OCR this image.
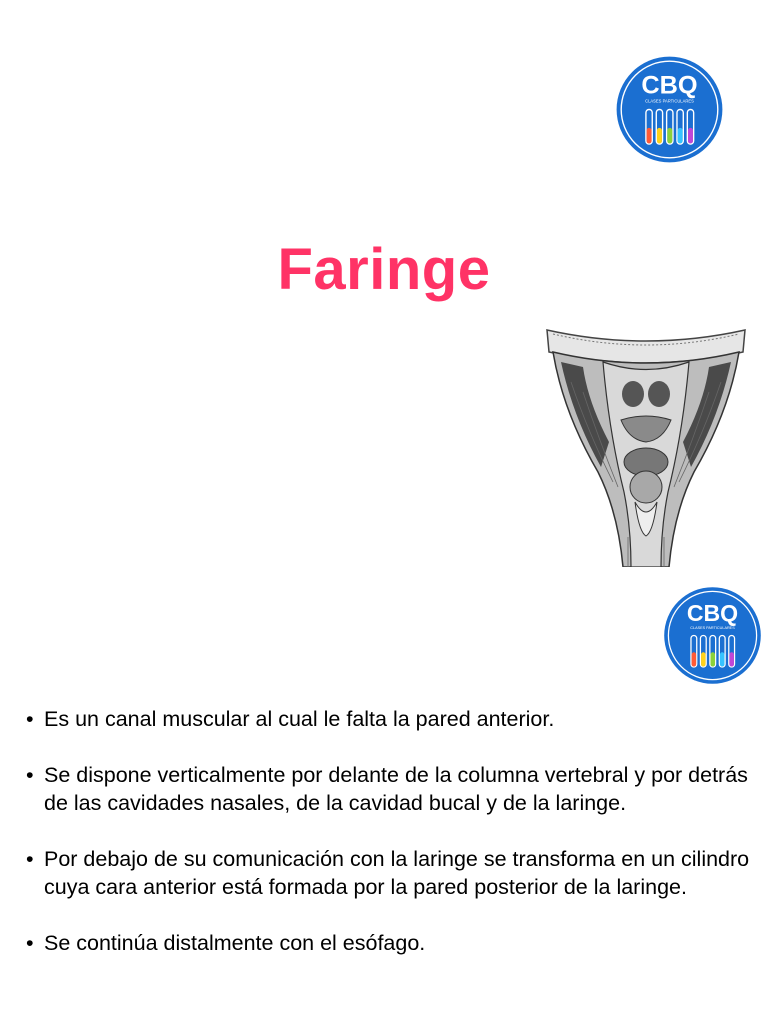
CBQ
CLASES PARTICULARES
Faringe
CBQ
CLASES PARTICULARES
• Es un canal muscular al cual le falta la pared anterior.
• Se dispone verticalmente por delante de la columna vertebral y por detrás de las cavidades nasales, de la cavidad bucal y de la laringe.
• Por debajo de su comunicación con la laringe se transforma en un cilindro cuya cara anterior está formada por la pared posterior de la laringe.
• Se continúa distalmente con el esófago.
